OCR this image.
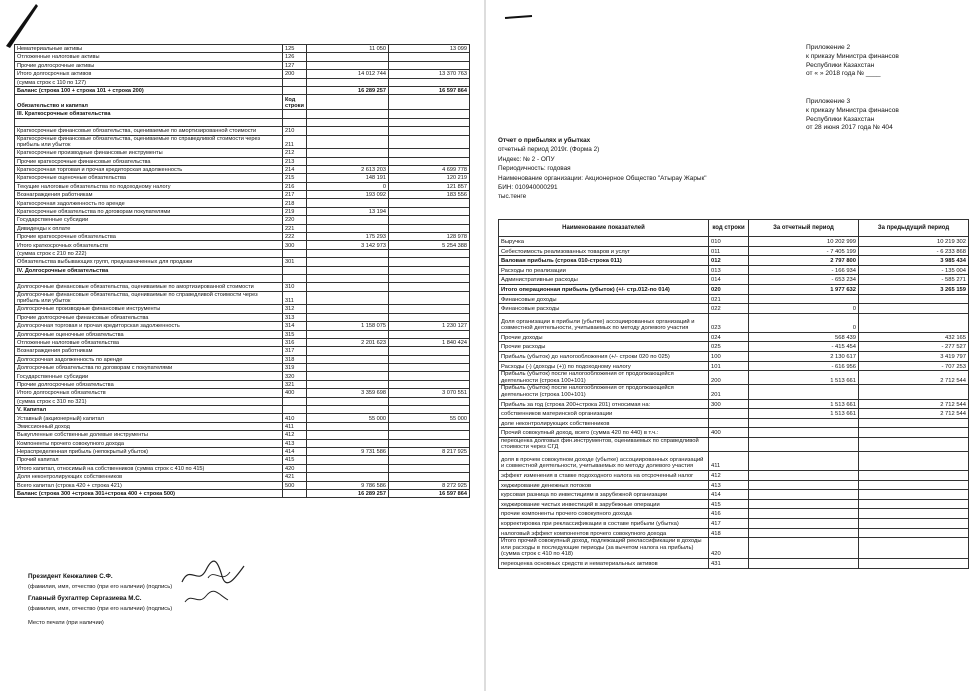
Нематериальные активы	125	11 050	13 099
Отложенные налоговые активы	126		
Прочие долгосрочные активы	127		
Итого долгосрочных активов	200	14 012 744	13 370 763
(сумма строк с 110 по 127)			
Баланс (строка 100 + строка 101 + строка 200)		16 289 257	16 597 864
Обязательство и капитал	Код строки		
III. Краткосрочные обязательства			

Краткосрочные финансовые обязательства, оцениваемые по амортизированной стоимости	210		
Краткосрочные финансовые обязательства, оцениваемые по справедливой стоимости через прибыль или убыток	211		
Краткосрочные производные финансовые инструменты	212		
Прочие краткосрочные финансовые обязательства	213		
Краткосрочная торговая и прочая кредиторская задолженность	214	2 613 203	4 699 778
Краткосрочные оценочные обязательства	215	148 191	120 219
Текущие налоговые обязательства по подоходному налогу	216	0	121 857
Вознаграждения работникам	217	193 092	183 556
Краткосрочная задолженность по аренде	218		
Краткосрочные обязательства по договорам покупателями	219	13 194	
Государственные субсидии	220		
Дивиденды к оплате	221		
Прочие краткосрочные обязательства	222	175 293	128 978
Итого краткосрочных обязательств	300	3 142 973	5 254 388
(сумма строк с 210 по 222)			
Обязательства выбывающих групп, предназначенных для продажи	301		
IV. Долгосрочные обязательства			

Долгосрочные финансовые обязательства, оцениваемые по амортизированной стоимости	310		
Долгосрочные финансовые обязательства, оцениваемые по справедливой стоимости через прибыль или убыток	311		
Долгосрочные производные финансовые инструменты	312		
Прочие долгосрочные финансовые обязательства	313		
Долгосрочная торговая и прочая кредиторская задолженность	314	1 158 075	1 230 127
Долгосрочные оценочные обязательства	315		
Отложенные налоговые обязательства	316	2 201 623	1 840 424
Вознаграждения работникам	317		
Долгосрочная задолженность по аренде	318		
Долгосрочные обязательства по договорам с покупателями	319		
Государственные субсидии	320		
Прочие долгосрочные обязательства	321		
Итого долгосрочных обязательств	400	3 359 698	3 070 551
(сумма строк с 310 по 321)			
V. Капитал			
Уставный (акционерный) капитал	410	55 000	55 000
Эмиссионный доход	411		
Выкупленные собственные долевые инструменты	412		
Компоненты прочего совокупного дохода	413		
Нераспределенная прибыль (непокрытый убыток)	414	9 731 586	8 217 925
Прочий капитал	415		
Итого капитал, относимый на собственников (сумма строк с 410 по 415)	420		
Доля неконтролирующих собственников	421		
Всего капитал (строка 420 + строка 421)	500	9 786 586	8 272 925
Баланс (строка 300 +строка 301+строка 400 + строка 500)		16 289 257	16 597 864
Президент Кенжалиев С.Ф.
(фамилия, имя, отчество (при его наличии) (подпись)
Главный бухгалтер Сергазиева М.С.
(фамилия, имя, отчество (при его наличии) (подпись)
Место печати (при наличии)
Приложение 2
к приказу Министра финансов
Республики Казахстан
от « » 2018 года № ____
Приложение 3
к приказу Министра финансов
Республики Казахстан
от 28 июня 2017 года № 404
Отчет о прибылях и убытках
отчетный период 2019г. (Форма 2)
Индекс: № 2 - ОПУ
Периодичность: годовая
Наименование организации: Акционерное Общество "Атырау Жарык"
БИН: 010940000291
тыс.тенге
Наименование показателей	код строки	За отчетный период	За предыдущий период
Выручка	010	10 202 999	10 219 302
Себестоимость реализованных товаров и услуг	011	- 7 405 199	- 6 233 868
Валовая прибыль (строка 010-строка 011)	012	2 797 800	3 985 434
Расходы по реализации	013	- 166 934	- 135 004
Административные расходы	014	- 653 234	- 585 271
Итого операционная прибыль (убыток) (+/- стр.012-по 014)	020	1 977 632	3 265 159
Финансовые доходы	021		
Финансовые расходы	022	0	
Доля организации в прибыли (убытке) ассоциированных организаций и совместной деятельности, учитываемых по методу долевого участия	023	0	
Прочие доходы	024	568 439	432 165
Прочие расходы	025	- 415 454	- 277 527
Прибыль (убыток) до налогообложения (+/- строки 020 по 025)	100	2 130 617	3 419 797
Расходы (-) (доходы (+)) по подоходному налогу	101	- 616 956	- 707 253
Прибыль (убыток) после налогообложения от продолжающейся деятельности (строка 100+101)	200	1 513 661	2 712 544
Прибыль (убыток) после налогообложения от продолжающейся деятельности (строка 100+101)	201		
Прибыль за год (строка 200+строка 201) относимая на:	300	1 513 661	2 712 544
собственников материнской организации		1 513 661	2 712 544
доле неконтролирующих собственников			
Прочий совокупный доход, всего (сумма 420 по 440) в т.ч.:	400		
переоценка долговых фин.инструментов, оцениваемых по справедливой стоимости через СГД			
доля в прочем совокупном доходе (убытке) ассоциированных организаций и совместной деятельности, учитываемых по методу долевого участия	411		
эффект изменения в ставке подоходного налога на отсроченный налог	412		
хеджирование денежных потоков	413		
курсовая разница по инвестициям в зарубежной организации	414		
хеджирование чистых инвестиций в зарубежные операции	415		
прочие компоненты прочего совокупного дохода	416		
корректировка при реклассификации в составе прибыли (убытка)	417		
налоговый эффект компонентов прочего совокупного дохода	418		
Итого прочий совокупный доход, подлежащий реклассификации в доходы или расходы в последующие периоды (за вычетом налога на прибыль) (сумма строк с 410 по 418)	420		
переоценка основных средств и нематериальных активов	431		
